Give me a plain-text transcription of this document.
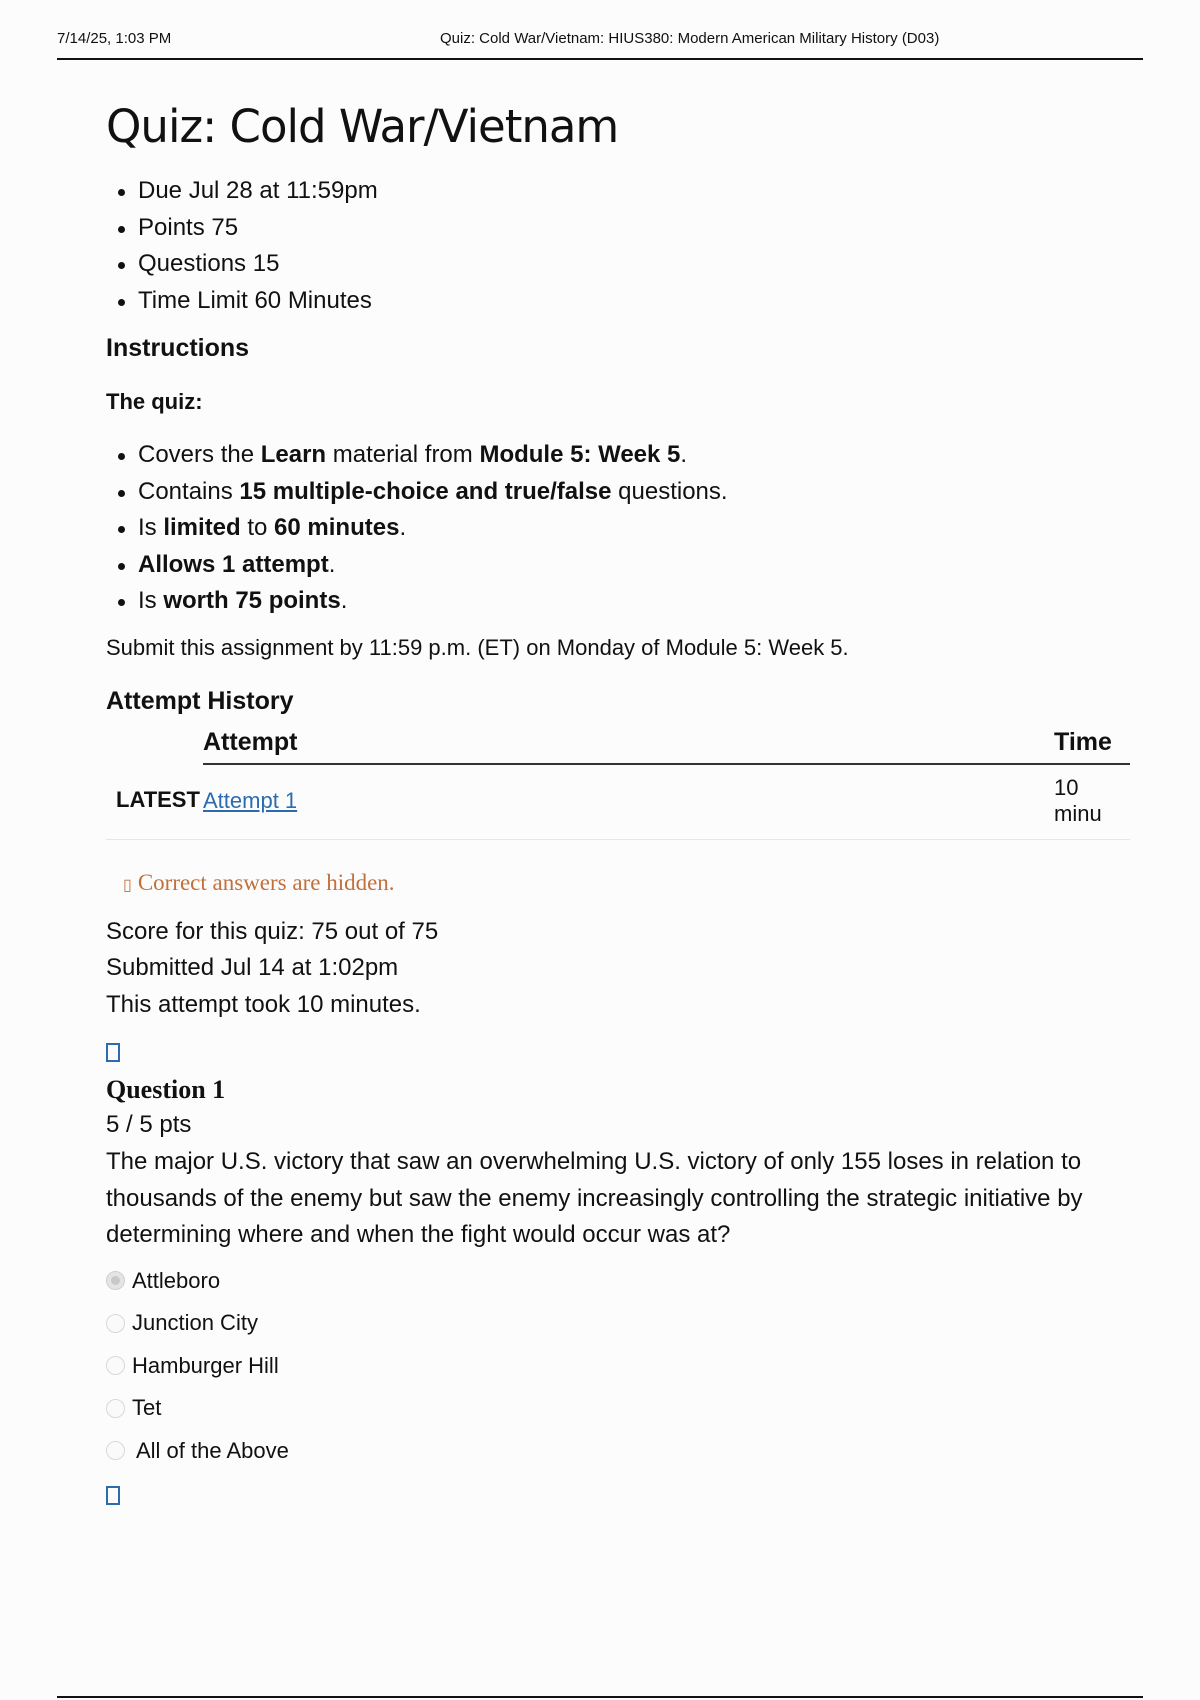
7/14/25, 1:03 PM	Quiz: Cold War/Vietnam: HIUS380: Modern American Military History (D03)
Quiz: Cold War/Vietnam
Due Jul 28 at 11:59pm
Points 75
Questions 15
Time Limit 60 Minutes
Instructions
The quiz:
Covers the Learn material from Module 5: Week 5.
Contains 15 multiple-choice and true/false questions.
Is limited to 60 minutes.
Allows 1 attempt.
Is worth 75 points.
Submit this assignment by 11:59 p.m. (ET) on Monday of Module 5: Week 5.
Attempt History
	Attempt	Time
LATEST	Attempt 1	10 minu
▯ Correct answers are hidden.
Score for this quiz: 75 out of 75
Submitted Jul 14 at 1:02pm
This attempt took 10 minutes.
Question 1
5 / 5 pts
The major U.S. victory that saw an overwhelming U.S. victory of only 155 loses in relation to thousands of the enemy but saw the enemy increasingly controlling the strategic initiative by determining where and when the fight would occur was at?
Attleboro
Junction City
Hamburger Hill
Tet
All of the Above
